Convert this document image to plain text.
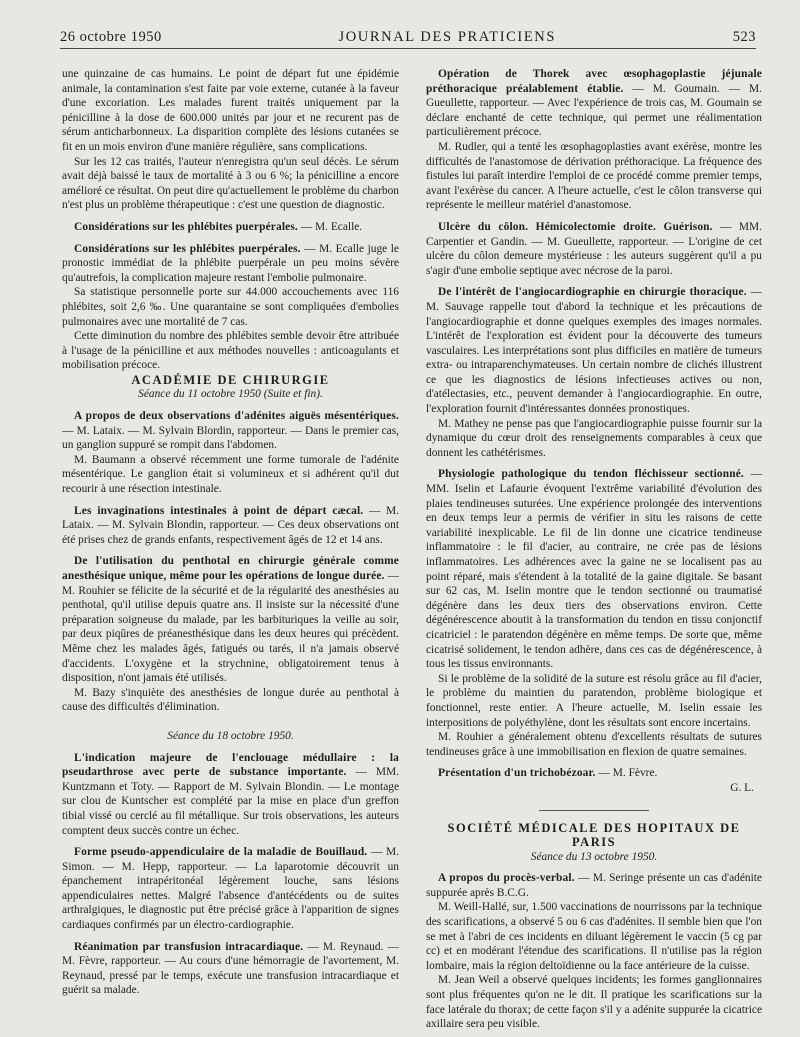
26 octobre 1950	JOURNAL DES PRATICIENS	523

une quinzaine de cas humains. Le point de départ fut une épidémie animale, la contamination s'est faite par voie externe, cutanée à la faveur d'une excoriation. Les malades furent traités uniquement par la pénicilline à la dose de 600.000 unités par jour et ne recurent pas de sérum anticharbonneux. La disparition complète des lésions cutanées se fit en un mois environ d'une manière régulière, sans complications.

Sur les 12 cas traités, l'auteur n'enregistra qu'un seul décès. Le sérum avait déjà baissé le taux de mortalité à 3 ou 6 %; la pénicilline a encore amélioré ce résultat. On peut dire qu'actuellement le problème du charbon n'est plus un problème thérapeutique : c'est une question de diagnostic.

Considérations sur les phlébites puerpérales. — M. Ecalle.

Considérations sur les phlébites puerpérales. — M. Ecalle juge le pronostic immédiat de la phlébite puerpérale un peu moins sévère qu'autrefois, la complication majeure restant l'embolie pulmonaire.

Sa statistique personnelle porte sur 44.000 accouchements avec 116 phlébites, soit 2,6 ‰. Une quarantaine se sont compliquées d'embolies pulmonaires avec une mortalité de 7 cas.

Cette diminution du nombre des phlébites semble devoir être attribuée à l'usage de la pénicilline et aux méthodes nouvelles : anticoagulants et mobilisation précoce.

ACADÉMIE DE CHIRURGIE

Séance du 11 octobre 1950 (Suite et fin).

A propos de deux observations d'adénites aiguës mésentériques. — M. Lataix. — M. Sylvain Blordin, rapporteur. — Dans le premier cas, un ganglion suppuré se rompit dans l'abdomen.

M. Baumann a observé récemment une forme tumorale de l'adénite mésentérique. Le ganglion était si volumineux et si adhérent qu'il dut recourir à une résection intestinale.

Les invaginations intestinales à point de départ cæcal. — M. Lataix. — M. Sylvain Blondin, rapporteur. — Ces deux observations ont été prises chez de grands enfants, respectivement âgés de 12 et 14 ans.

De l'utilisation du penthotal en chirurgie générale comme anesthésique unique, même pour les opérations de longue durée. — M. Rouhier se félicite de la sécurité et de la régularité des anesthésies au penthotal, qu'il utilise depuis quatre ans. Il insiste sur la nécessité d'une préparation soigneuse du malade, par les barbituriques la veille au soir, par deux piqûres de préanesthésique dans les deux heures qui précèdent. Même chez les malades âgés, fatigués ou tarés, il n'a jamais observé d'accidents. L'oxygène et la strychnine, obligatoirement tenus à disposition, n'ont jamais été utilisés.

M. Bazy s'inquiète des anesthésies de longue durée au penthotal à cause des difficultés d'élimination.

Séance du 18 octobre 1950.

L'indication majeure de l'enclouage médullaire : la pseudarthrose avec perte de substance importante. — MM. Kuntzmann et Toty. — Rapport de M. Sylvain Blondin. — Le montage sur clou de Kuntscher est complété par la mise en place d'un greffon tibial vissé ou cerclé au fil métallique. Sur trois observations, les auteurs comptent deux succès contre un échec.

Forme pseudo-appendiculaire de la maladie de Bouillaud. — M. Simon. — M. Hepp, rapporteur. — La laparotomie découvrit un épanchement intrapéritonéal légèrement louche, sans lésions appendiculaires nettes. Malgré l'absence d'antécédents ou de suites arthralgiques, le diagnostic put être précisé grâce à l'apparition de signes cardiaques confirmés par un électro-cardiographie.

Réanimation par transfusion intracardiaque. — M. Reynaud. — M. Fèvre, rapporteur. — Au cours d'une hémorragie de l'avortement, M. Reynaud, pressé par le temps, exécute une transfusion intracardiaque et guérit sa malade.

Opération de Thorek avec œsophagoplastie jéjunale préthoracique préalablement établie. — M. Goumain. — M. Gueullette, rapporteur. — Avec l'expérience de trois cas, M. Goumain se déclare enchanté de cette technique, qui permet une réalimentation particulièrement précoce.

M. Rudler, qui a tenté les œsophagoplasties avant exérèse, montre les difficultés de l'anastomose de dérivation préthoracique. La fréquence des fistules lui paraît interdire l'emploi de ce procédé comme premier temps, avant l'exérèse du cancer. A l'heure actuelle, c'est le côlon transverse qui représente le meilleur matériel d'anastomose.

Ulcère du côlon. Hémicolectomie droite. Guérison. — MM. Carpentier et Gandin. — M. Gueullette, rapporteur. — L'origine de cet ulcère du côlon demeure mystérieuse : les auteurs suggèrent qu'il a pu s'agir d'une embolie septique avec nécrose de la paroi.

De l'intérêt de l'angiocardiographie en chirurgie thoracique. — M. Sauvage rappelle tout d'abord la technique et les précautions de l'angiocardiographie et donne quelques exemples des images normales. L'intérêt de l'exploration est évident pour la découverte des tumeurs vasculaires. Les interprétations sont plus difficiles en matière de tumeurs extra- ou intraparenchymateuses. Un certain nombre de clichés illustrent ce que les diagnostics de lésions infectieuses actives ou non, d'atélectasies, etc., peuvent demander à l'angiocardiographie. En outre, l'exploration fournit d'intéressantes données pronostiques.

M. Mathey ne pense pas que l'angiocardiographie puisse fournir sur la dynamique du cœur droit des renseignements comparables à ceux que donnent les cathétérismes.

Physiologie pathologique du tendon fléchisseur sectionné. — MM. Iselin et Lafaurie évoquent l'extrême variabilité d'évolution des plaies tendineuses suturées. Une expérience prolongée des interventions en deux temps leur a permis de vérifier in situ les raisons de cette variabilité inexplicable. Le fil de lin donne une cicatrice tendineuse inflammatoire : le fil d'acier, au contraire, ne crée pas de lésions inflammatoires. Les adhérences avec la gaine ne se localisent pas au point réparé, mais s'étendent à la totalité de la gaine digitale. Se basant sur 62 cas, M. Iselin montre que le tendon sectionné ou traumatisé dégénère dans les deux tiers des observations environ. Cette dégénérescence aboutit à la transformation du tendon en tissu conjonctif cicatriciel : le paratendon dégénère en même temps. De sorte que, même cicatrisé solidement, le tendon adhère, dans ces cas de dégénérescence, à tous les tissus environnants.

Si le problème de la solidité de la suture est résolu grâce au fil d'acier, le problème du maintien du paratendon, problème biologique et fonctionnel, reste entier. A l'heure actuelle, M. Iselin essaie les interpositions de polyéthylène, dont les résultats sont encore incertains.

M. Rouhier a généralement obtenu d'excellents résultats de sutures tendineuses grâce à une immobilisation en flexion de quatre semaines.

Présentation d'un trichobézoar. — M. Fèvre.

G. L.

SOCIÉTÉ MÉDICALE DES HOPITAUX DE PARIS

Séance du 13 octobre 1950.

A propos du procès-verbal. — M. Seringe présente un cas d'adénite suppurée après B.C.G.

M. Weill-Hallé, sur, 1.500 vaccinations de nourrissons par la technique des scarifications, a observé 5 ou 6 cas d'adénites. Il semble bien que l'on se met à l'abri de ces incidents en diluant légèrement le vaccin (5 cg par cc) et en modérant l'étendue des scarifications. Il n'utilise pas la région lombaire, mais la région deltoïdienne ou la face antérieure de la cuisse.

M. Jean Weil a observé quelques incidents; les formes ganglionnaires sont plus fréquentes qu'on ne le dit. Il pratique les scarifications sur la face latérale du thorax; de cette façon s'il y a adénite suppurée la cicatrice axillaire sera peu visible.
